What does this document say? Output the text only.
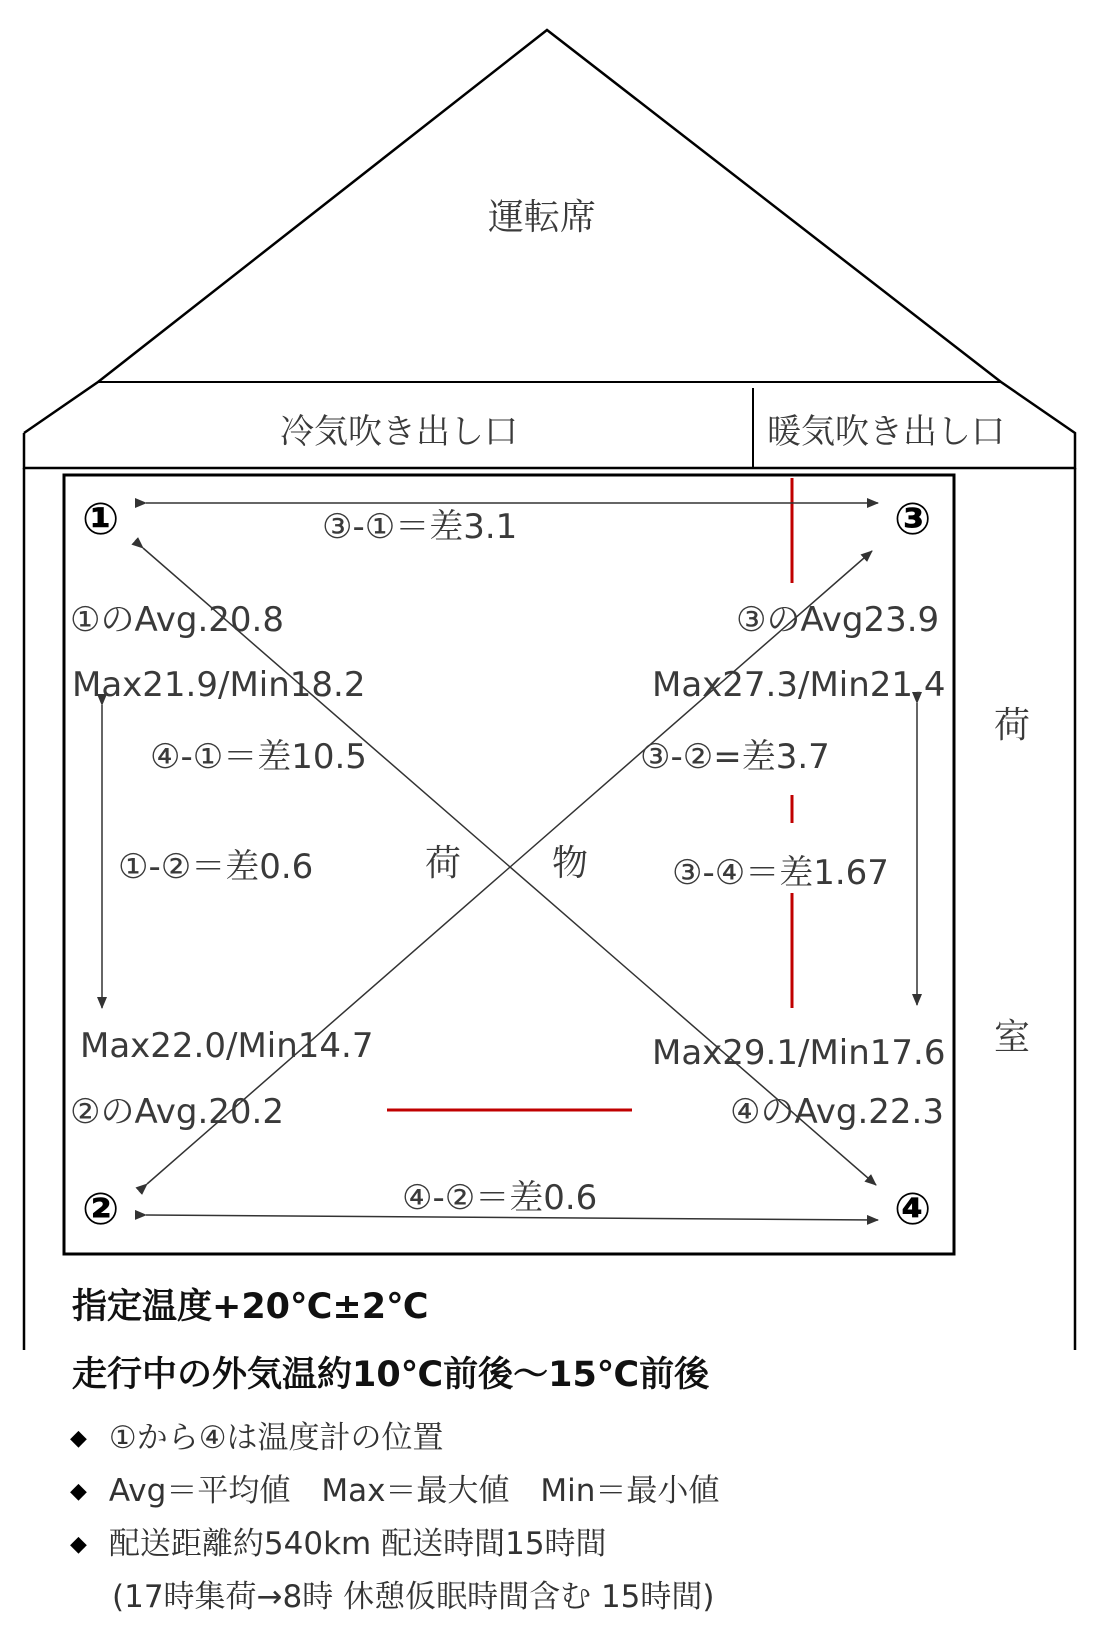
運転席
冷気吹き出し口	暖気吹き出し口
荷
室
荷	物
①	③
②	④
①のAvg.20.8
Max21.9/Min18.2
③のAvg23.9
Max27.3/Min21.4
Max22.0/Min14.7
②のAvg.20.2
Max29.1/Min17.6
④のAvg.22.3
③-①＝差3.1
④-①＝差10.5	③-②=差3.7
①-②＝差0.6	③-④＝差1.67
④-②＝差0.6
指定温度+20℃±2℃
走行中の外気温約10℃前後～15℃前後
◆ ①から④は温度計の位置
◆ Avg＝平均値　Max＝最大値　Min＝最小値
◆ 配送距離約540km 配送時間15時間
(17時集荷→8時 休憩仮眠時間含む 15時間)
